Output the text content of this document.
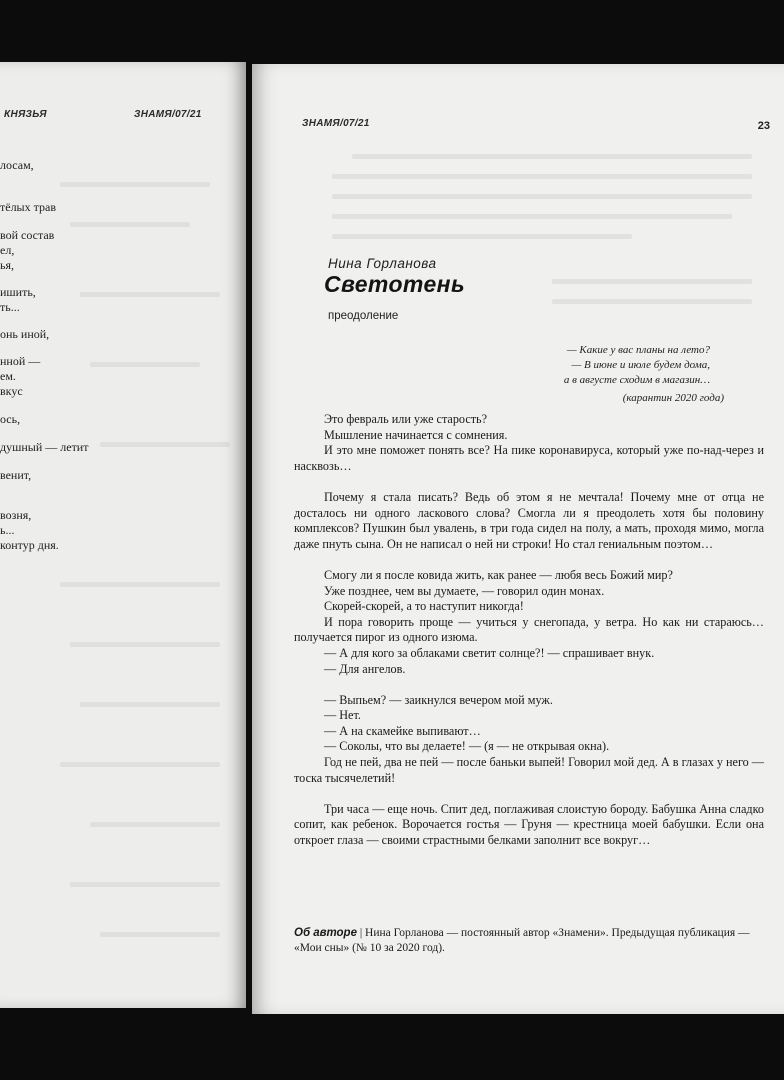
КНЯЗЬЯ	ЗНАМЯ/07/21
лосам,
тёлых трав
вой состав
ел,
ья,
ишить,
ть...
онь иной,
нной —
ем.
вкус
ось,
душный — летит
венит,
возня,
ь...
контур дня.
ЗНАМЯ/07/21	23
Нина Горланова
Светотень
преодоление
— Какие у вас планы на лето?
— В июне и июле будем дома,
а в августе сходим в магазин…
(карантин 2020 года)

Это февраль или уже старость?

Мышление начинается с сомнения.

И это мне поможет понять все? На пике коронавируса, который уже по-над-через и насквозь…

Почему я стала писать? Ведь об этом я не мечтала! Почему мне от отца не досталось ни одного ласкового слова? Смогла ли я преодолеть хотя бы половину комплексов? Пушкин был увалень, в три года сидел на полу, а мать, проходя мимо, могла даже пнуть сына. Он не написал о ней ни строки! Но стал гениальным поэтом…

Смогу ли я после ковида жить, как ранее — любя весь Божий мир?

Уже позднее, чем вы думаете, — говорил один монах.

Скорей-скорей, а то наступит никогда!

И пора говорить проще — учиться у снегопада, у ветра. Но как ни стараюсь… получается пирог из одного изюма.

— А для кого за облаками светит солнце?! — спрашивает внук.

— Для ангелов.

— Выпьем? — заикнулся вечером мой муж.

— Нет.

— А на скамейке выпивают…

— Соколы, что вы делаете! — (я — не открывая окна).

Год не пей, два не пей — после баньки выпей! Говорил мой дед. А в глазах у него — тоска тысячелетий!

Три часа — еще ночь. Спит дед, поглаживая слоистую бороду. Бабушка Анна сладко сопит, как ребенок. Ворочается гостья — Груня — крестница моей бабушки. Если она откроет глаза — своими страстными белками заполнит все вокруг…

Об авторе | Нина Горланова — постоянный автор «Знамени». Предыдущая публикация — «Мои сны» (№ 10 за 2020 год).
